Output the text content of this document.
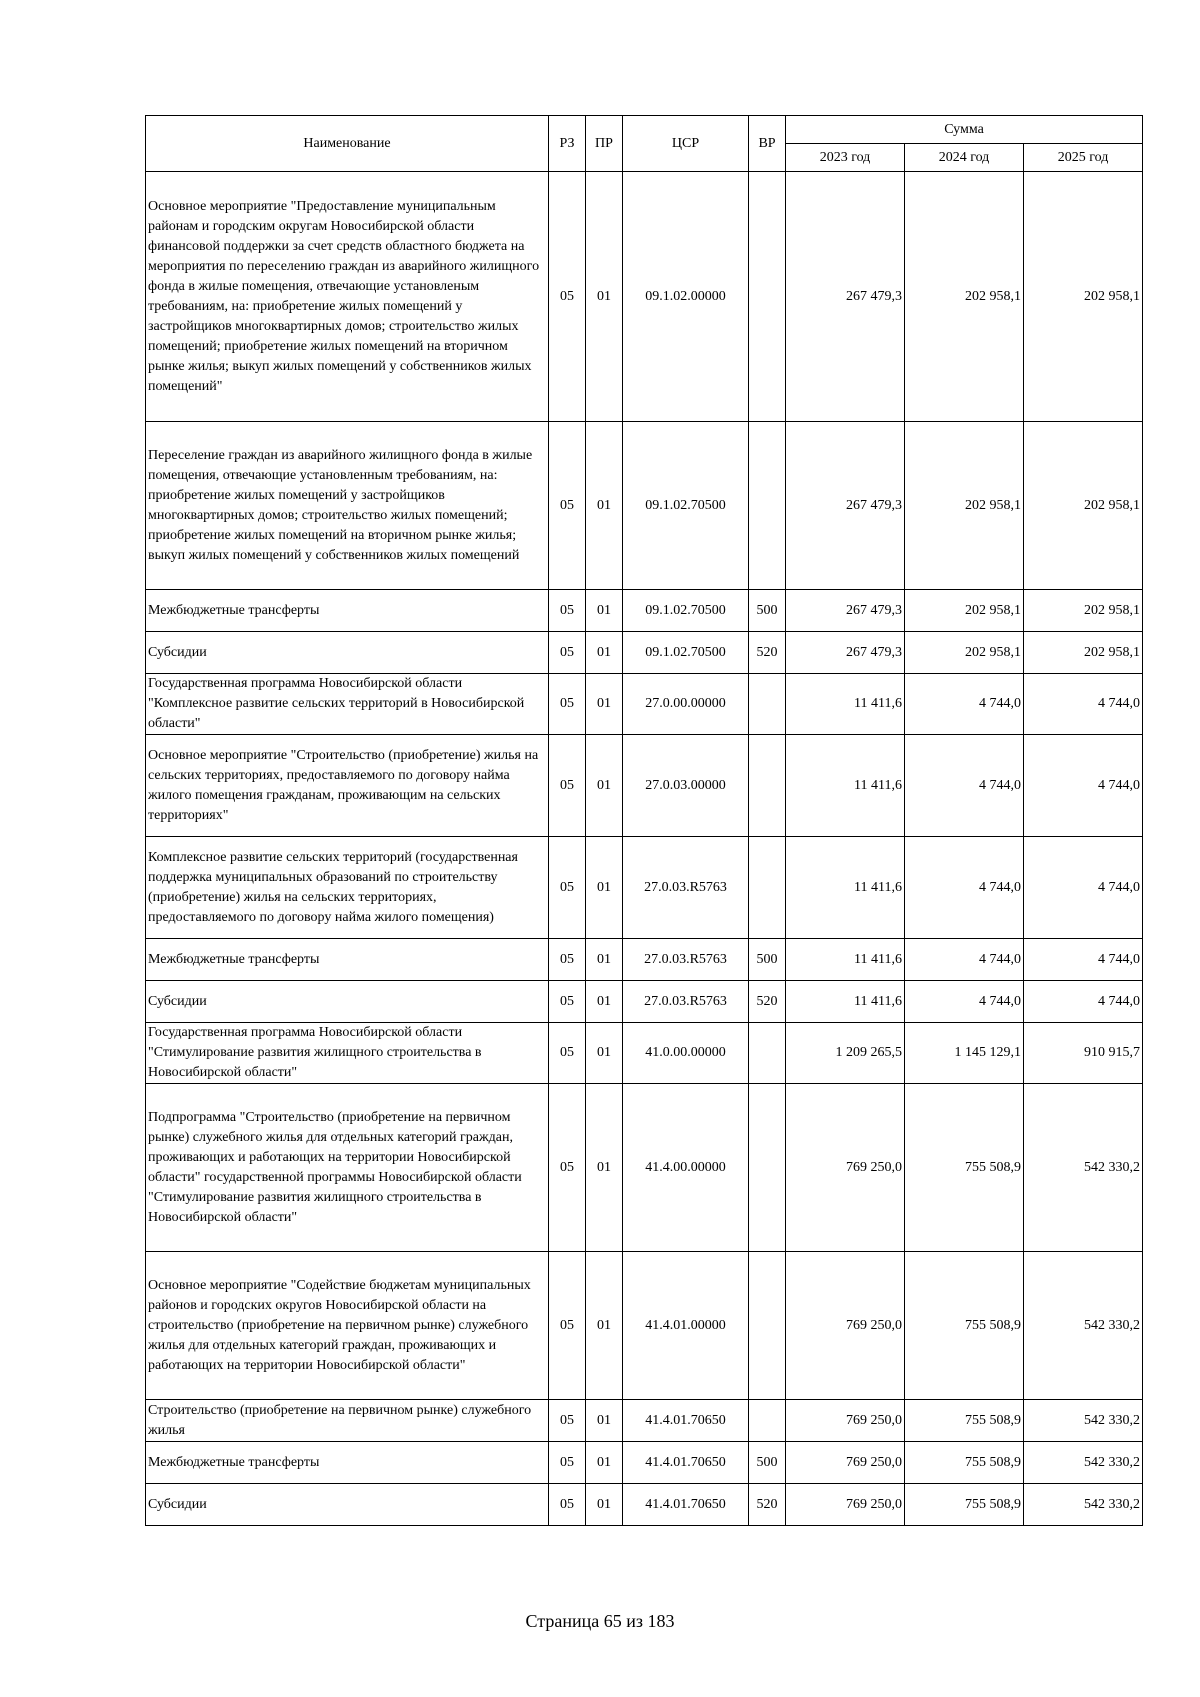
Наименование	РЗ	ПР	ЦСР	ВР	Сумма		
					2023 год	2024 год	2025 год
Основное мероприятие "Предоставление муниципальным районам и городским округам Новосибирской области финансовой поддержки за счет средств областного бюджета на мероприятия по переселению граждан из аварийного жилищного фонда в жилые помещения, отвечающие установленым требованиям, на: приобретение жилых помещений у застройщиков многоквартирных домов; строительство жилых помещений; приобретение жилых помещений на вторичном рынке жилья; выкуп жилых помещений у собственников жилых помещений"	05	01	09.1.02.00000		267 479,3	202 958,1	202 958,1
Переселение граждан из аварийного жилищного фонда в жилые помещения, отвечающие установленным требованиям, на: приобретение жилых помещений у застройщиков многоквартирных домов; строительство жилых помещений; приобретение жилых помещений на вторичном рынке жилья; выкуп жилых помещений у собственников жилых помещений	05	01	09.1.02.70500		267 479,3	202 958,1	202 958,1
Межбюджетные трансферты	05	01	09.1.02.70500	500	267 479,3	202 958,1	202 958,1
Субсидии	05	01	09.1.02.70500	520	267 479,3	202 958,1	202 958,1
Государственная программа Новосибирской области "Комплексное развитие сельских территорий в Новосибирской области"	05	01	27.0.00.00000		11 411,6	4 744,0	4 744,0
Основное мероприятие "Строительство (приобретение) жилья на сельских территориях, предоставляемого по договору найма жилого помещения гражданам, проживающим на сельских территориях"	05	01	27.0.03.00000		11 411,6	4 744,0	4 744,0
Комплексное развитие сельских территорий (государственная поддержка муниципальных образований по строительству (приобретение) жилья на сельских территориях, предоставляемого по договору найма жилого помещения)	05	01	27.0.03.R5763		11 411,6	4 744,0	4 744,0
Межбюджетные трансферты	05	01	27.0.03.R5763	500	11 411,6	4 744,0	4 744,0
Субсидии	05	01	27.0.03.R5763	520	11 411,6	4 744,0	4 744,0
Государственная программа Новосибирской области "Стимулирование развития жилищного строительства в Новосибирской области"	05	01	41.0.00.00000		1 209 265,5	1 145 129,1	910 915,7
Подпрограмма "Строительство (приобретение на первичном рынке) служебного жилья для отдельных категорий граждан, проживающих и работающих на территории Новосибирской области" государственной программы Новосибирской области "Стимулирование развития жилищного строительства в Новосибирской области"	05	01	41.4.00.00000		769 250,0	755 508,9	542 330,2
Основное мероприятие "Содействие бюджетам муниципальных районов и городских округов Новосибирской области на строительство (приобретение на первичном рынке) служебного жилья для отдельных категорий граждан, проживающих и работающих на территории Новосибирской области"	05	01	41.4.01.00000		769 250,0	755 508,9	542 330,2
Строительство (приобретение на первичном рынке) служебного жилья	05	01	41.4.01.70650		769 250,0	755 508,9	542 330,2
Межбюджетные трансферты	05	01	41.4.01.70650	500	769 250,0	755 508,9	542 330,2
Субсидии	05	01	41.4.01.70650	520	769 250,0	755 508,9	542 330,2
Страница 65 из 183
